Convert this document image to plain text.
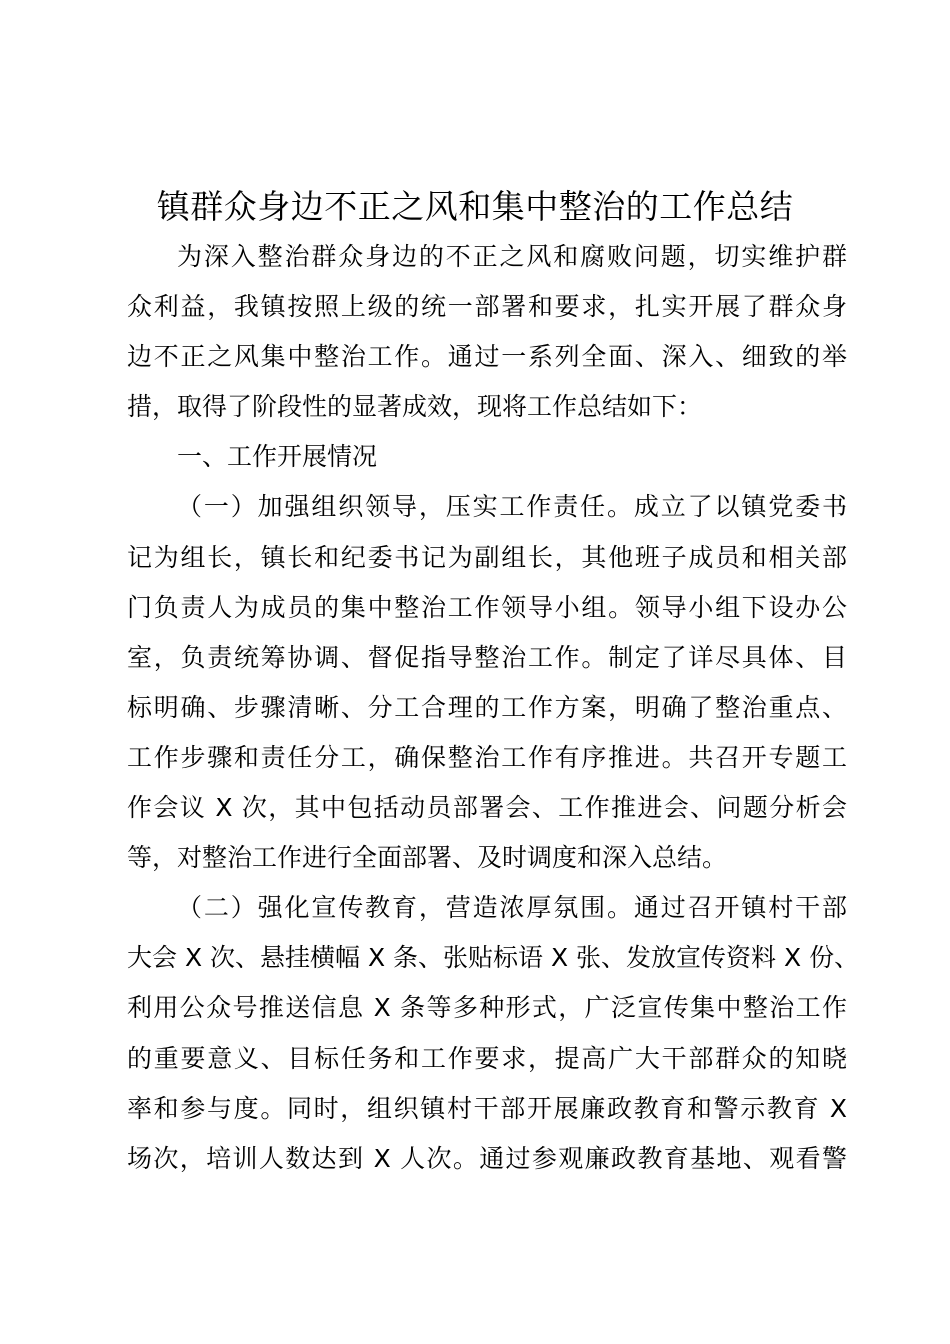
镇群众身边不正之风和集中整治的工作总结
为深入整治群众身边的不正之风和腐败问题，切实维护群
众利益，我镇按照上级的统一部署和要求，扎实开展了群众身
边不正之风集中整治工作。通过一系列全面、深入、细致的举
措，取得了阶段性的显著成效，现将工作总结如下：
一、工作开展情况
（一）加强组织领导，压实工作责任。成立了以镇党委书
记为组长，镇长和纪委书记为副组长，其他班子成员和相关部
门负责人为成员的集中整治工作领导小组。领导小组下设办公
室，负责统筹协调、督促指导整治工作。制定了详尽具体、目
标明确、步骤清晰、分工合理的工作方案，明确了整治重点、
工作步骤和责任分工，确保整治工作有序推进。共召开专题工
作会议 X 次，其中包括动员部署会、工作推进会、问题分析会
等，对整治工作进行全面部署、及时调度和深入总结。
（二）强化宣传教育，营造浓厚氛围。通过召开镇村干部
大会 X 次、悬挂横幅 X 条、张贴标语 X 张、发放宣传资料 X 份、
利用公众号推送信息 X 条等多种形式，广泛宣传集中整治工作
的重要意义、目标任务和工作要求，提高广大干部群众的知晓
率和参与度。同时，组织镇村干部开展廉政教育和警示教育 X
场次，培训人数达到 X 人次。通过参观廉政教育基地、观看警
